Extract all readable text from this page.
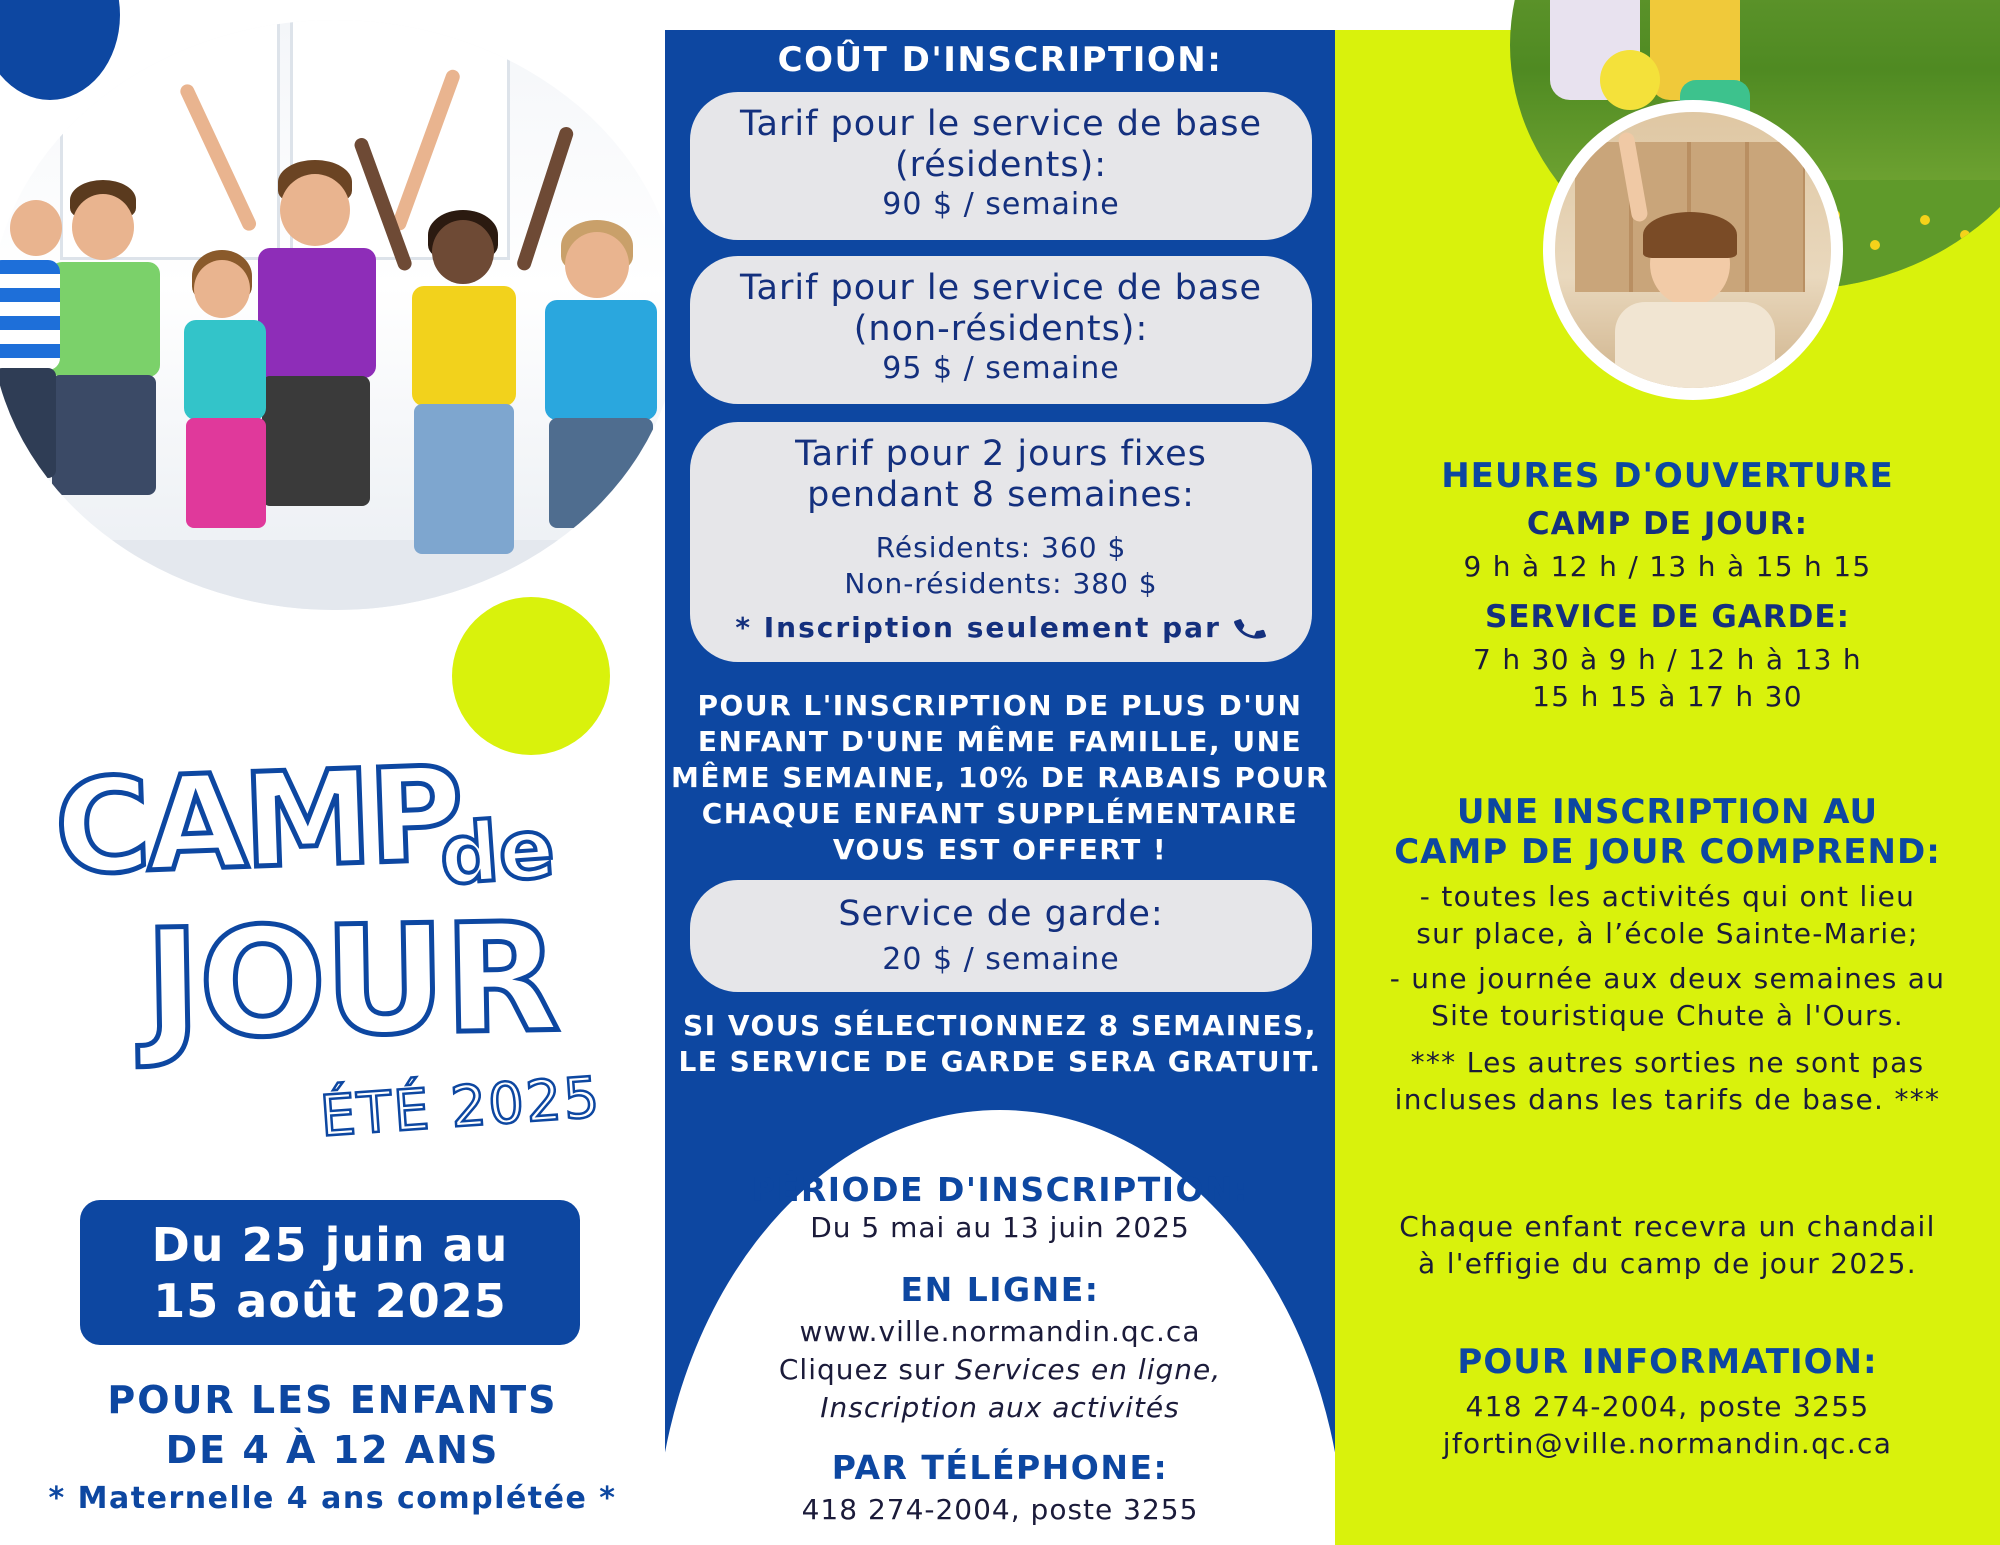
CAMP
de
JOUR
ÉTÉ 2025
Du 25 juin au
15 août 2025
POUR LES ENFANTS
DE 4 À 12 ANS
* Maternelle 4 ans complétée *
COÛT D'INSCRIPTION:
Tarif pour le service de base
(résidents):
90 $ / semaine
Tarif pour le service de base
(non-résidents):
95 $ / semaine
Tarif pour 2 jours fixes
pendant 8 semaines:
Résidents: 360 $
Non-résidents: 380 $
* Inscription seulement par
POUR L'INSCRIPTION DE PLUS D'UN
ENFANT D'UNE MÊME FAMILLE, UNE
MÊME SEMAINE, 10% DE RABAIS POUR
CHAQUE ENFANT SUPPLÉMENTAIRE
VOUS EST OFFERT !
Service de garde:
20 $ / semaine
SI VOUS SÉLECTIONNEZ 8 SEMAINES,
LE SERVICE DE GARDE SERA GRATUIT.
PÉRIODE D'INSCRIPTION:
Du 5 mai au 13 juin 2025
EN LIGNE:
www.ville.normandin.qc.ca
Cliquez sur Services en ligne,
Inscription aux activités
PAR TÉLÉPHONE:
418 274-2004, poste 3255
HEURES D'OUVERTURE
CAMP DE JOUR:
9 h à 12 h / 13 h à 15 h 15
SERVICE DE GARDE:
7 h 30 à 9 h / 12 h à 13 h
15 h 15 à 17 h 30
UNE INSCRIPTION AU
CAMP DE JOUR COMPREND:
- toutes les activités qui ont lieu
sur place, à l’école Sainte-Marie;
- une journée aux deux semaines au
Site touristique Chute à l'Ours.
*** Les autres sorties ne sont pas
incluses dans les tarifs de base. ***
Chaque enfant recevra un chandail
à l'effigie du camp de jour 2025.
POUR INFORMATION:
418 274-2004, poste 3255
jfortin@ville.normandin.qc.ca
